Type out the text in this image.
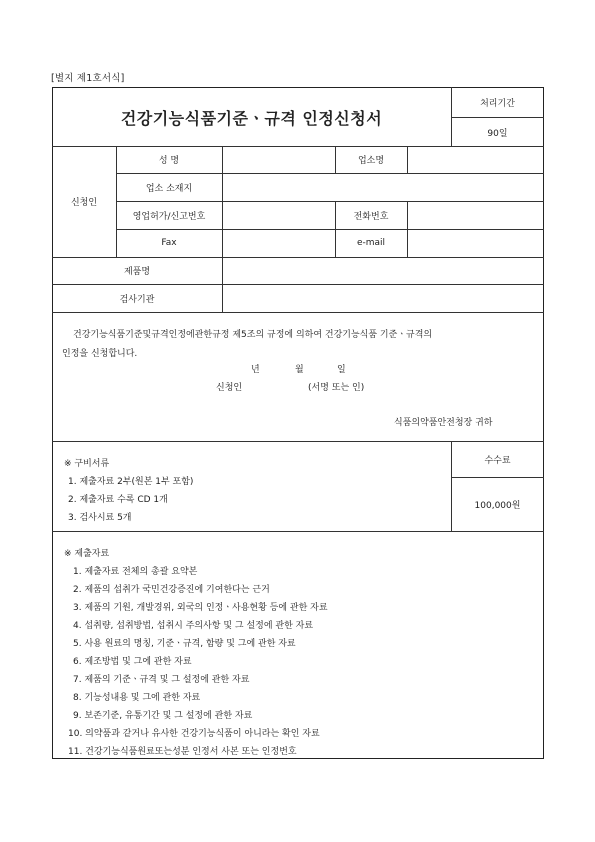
[별지 제1호서식]
건강기능식품기준ㆍ규격 인정신청서
처리기간
90일
신청인
성 명	업소명
업소 소재지
영업허가/신고번호	전화번호
Fax	e-mail
제품명
검사기관
건강기능식품기준및규격인정에관한규정 제5조의 규정에 의하여 건강기능식품 기준ㆍ규격의
인정을 신청합니다.
년	월	일
신청인	(서명 또는 인)
식품의약품안전청장 귀하
수수료
100,000원
※ 구비서류
1. 제출자료 2부(원본 1부 포함)
2. 제출자료 수록 CD 1개
3. 검사시료 5개
※ 제출자료
1. 제출자료 전체의 총괄 요약본
2. 제품의 섭취가 국민건강증진에 기여한다는 근거
3. 제품의 기원, 개발경위, 외국의 인정ㆍ사용현황 등에 관한 자료
4. 섭취량, 섭취방법, 섭취시 주의사항 및 그 설정에 관한 자료
5. 사용 원료의 명칭, 기준ㆍ규격, 함량 및 그에 관한 자료
6. 제조방법 및 그에 관한 자료
7. 제품의 기준ㆍ규격 및 그 설정에 관한 자료
8. 기능성내용 및 그에 관한 자료
9. 보존기준, 유통기간 및 그 설정에 관한 자료
10. 의약품과 같거나 유사한 건강기능식품이 아니라는 확인 자료
11. 건강기능식품원료또는성분 인정서 사본 또는 인정번호
